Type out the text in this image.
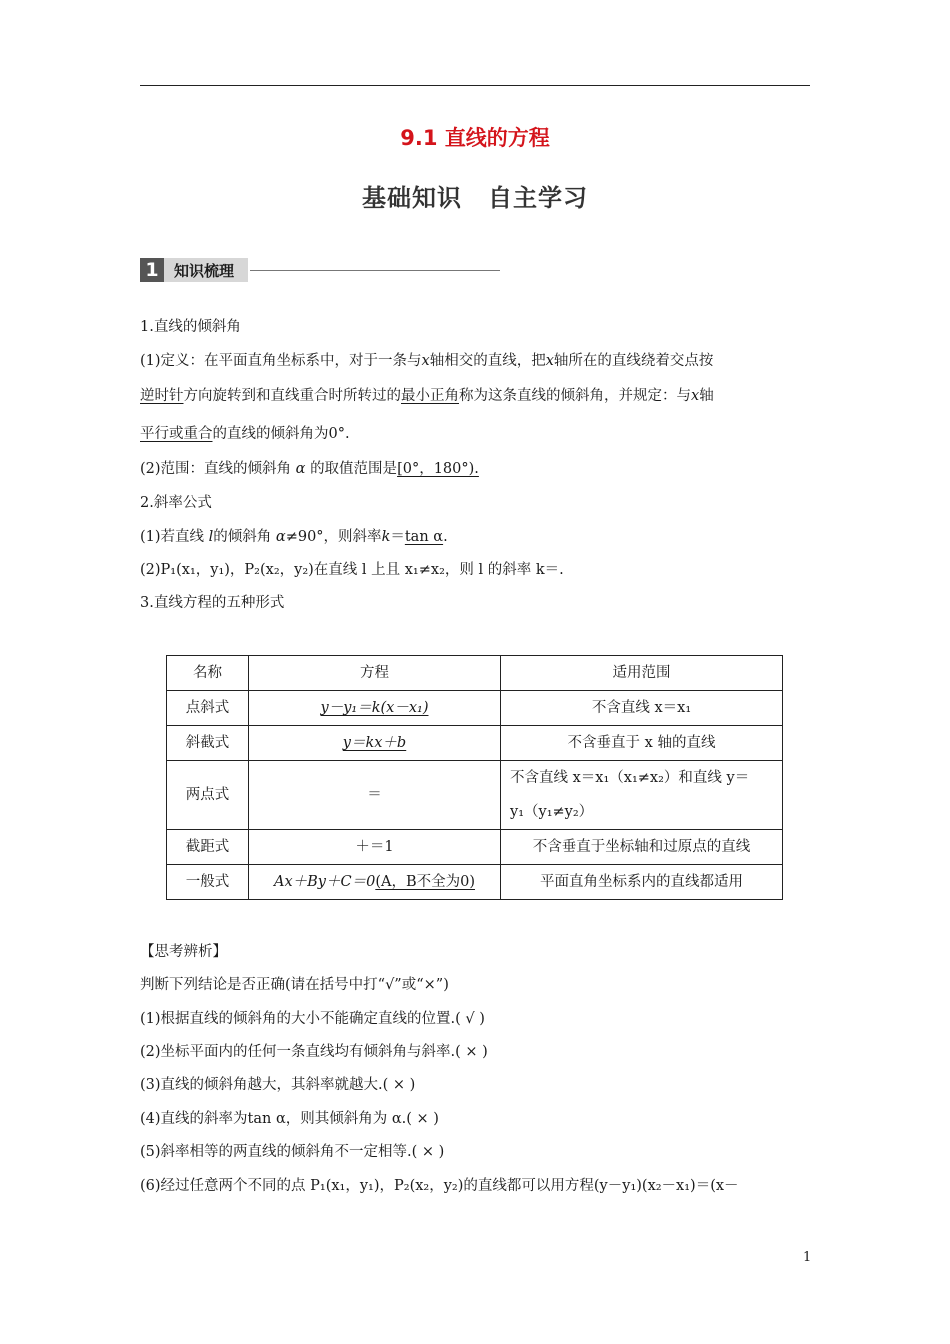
9.1 直线的方程
基础知识 自主学习
1	知识梳理
1.直线的倾斜角
(1)定义：在平面直角坐标系中，对于一条与x轴相交的直线，把x轴所在的直线绕着交点按
逆时针方向旋转到和直线重合时所转过的最小正角称为这条直线的倾斜角，并规定：与x轴
平行或重合的直线的倾斜角为0°.
(2)范围：直线的倾斜角 α 的取值范围是[0°，180°).
2.斜率公式
(1)若直线 l的倾斜角 α≠90°，则斜率k＝tan α.
(2)P₁(x₁，y₁)，P₂(x₂，y₂)在直线 l 上且 x₁≠x₂，则 l 的斜率 k＝.
3.直线方程的五种形式
名称	方程	适用范围
点斜式	y－y₁＝k(x－x₁)	不含直线 x＝x₁
斜截式	y＝kx＋b	不含垂直于 x 轴的直线
两点式	＝	不含直线 x＝x₁（x₁≠x₂）和直线 y＝
y₁（y₁≠y₂）

截距式	＋＝1	不含垂直于坐标轴和过原点的直线
一般式	Ax＋By＋C＝0(A，B不全为0)	平面直角坐标系内的直线都适用
【思考辨析】
判断下列结论是否正确(请在括号中打“√”或“×”)
(1)根据直线的倾斜角的大小不能确定直线的位置.( √ )
(2)坐标平面内的任何一条直线均有倾斜角与斜率.( × )
(3)直线的倾斜角越大，其斜率就越大.( × )
(4)直线的斜率为tan α，则其倾斜角为 α.( × )
(5)斜率相等的两直线的倾斜角不一定相等.( × )
(6)经过任意两个不同的点 P₁(x₁，y₁)，P₂(x₂，y₂)的直线都可以用方程(y－y₁)(x₂－x₁)＝(x－
1
